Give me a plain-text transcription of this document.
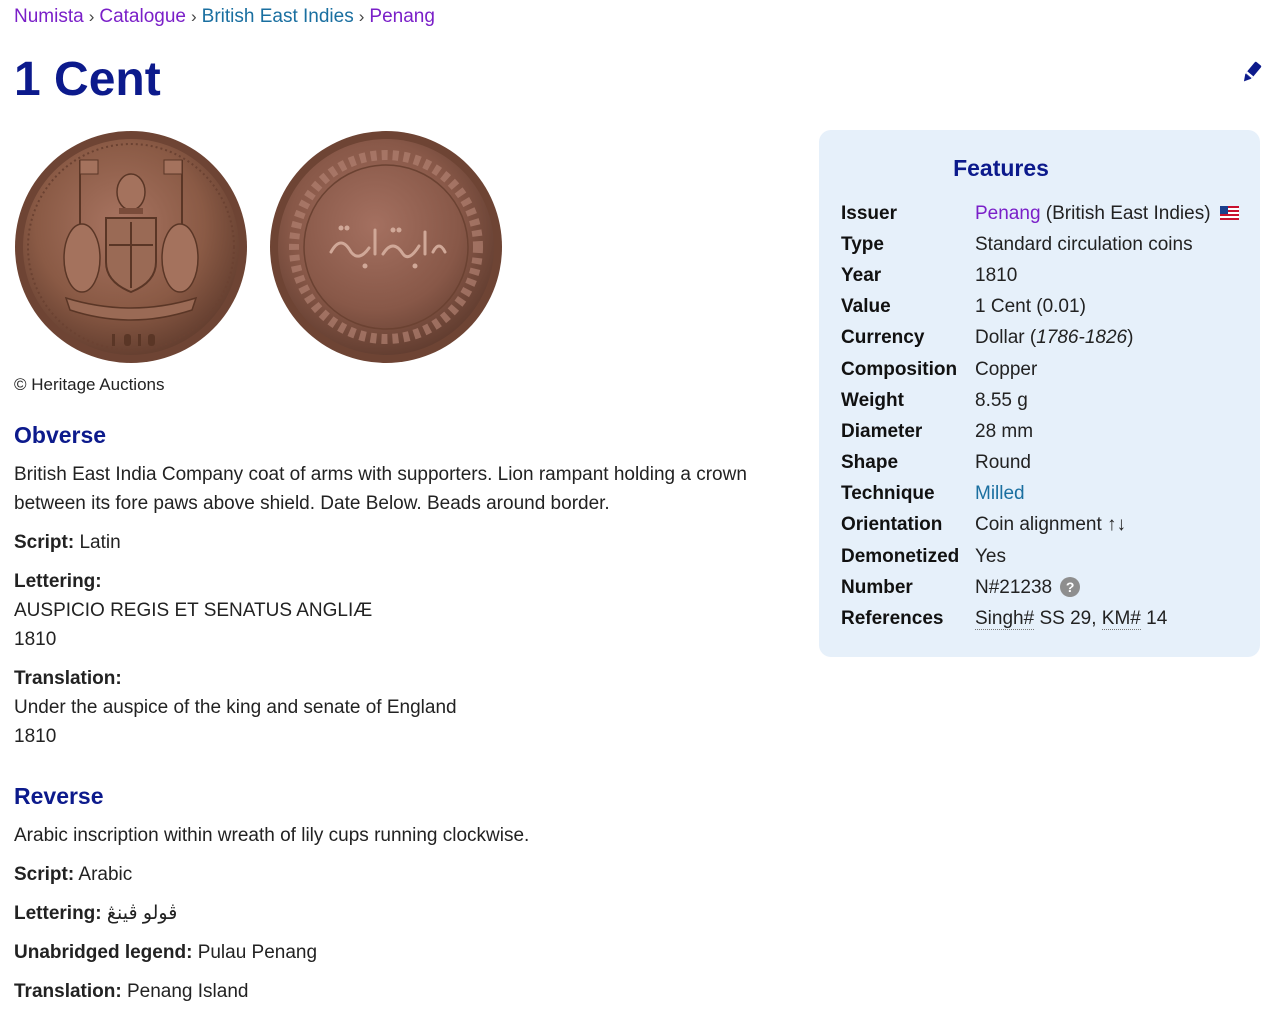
Numista › Catalogue › British East Indies › Penang
1 Cent
© Heritage Auctions
Obverse

British East India Company coat of arms with supporters. Lion rampant holding a crown between its fore paws above shield. Date Below. Beads around border.

Script: Latin

Lettering:
AUSPICIO REGIS ET SENATUS ANGLIÆ
1810

Translation:
Under the auspice of the king and senate of England
1810

Reverse

Arabic inscription within wreath of lily cups running clockwise.

Script: Arabic

Lettering: ڤولو ڤينڠ

Unabridged legend: Pulau Penang

Translation: Penang Island

Features
Issuer	Penang (British East Indies)
Type	Standard circulation coins
Year	1810
Value	1 Cent (0.01)
Currency	Dollar (1786-1826)
Composition	Copper
Weight	8.55 g
Diameter	28 mm
Shape	Round
Technique	Milled
Orientation	Coin alignment ↑↓
Demonetized	Yes
Number	N#21238 ?
References	Singh# SS 29, KM# 14
